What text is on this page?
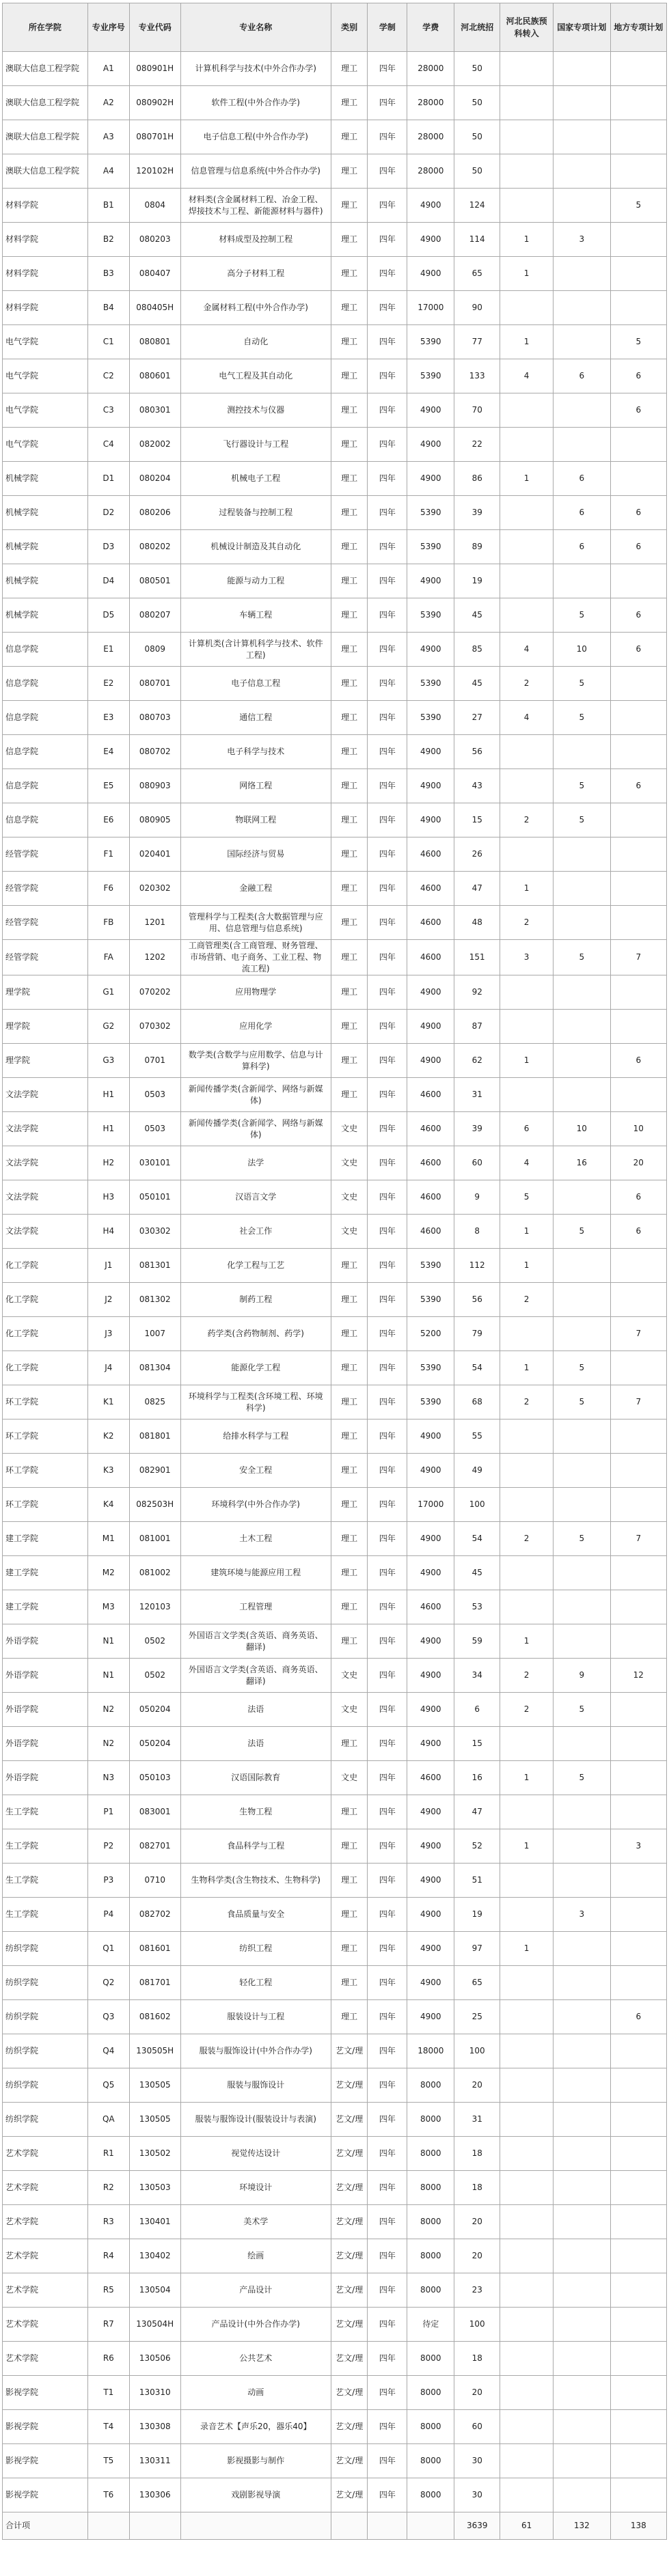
所在学院	专业序号	专业代码	专业名称	类别	学制	学费	河北统招	河北民族预科转入	国家专项计划	地方专项计划
澳联大信息工程学院	A1	080901H	计算机科学与技术(中外合作办学)	理工	四年	28000	50			
澳联大信息工程学院	A2	080902H	软件工程(中外合作办学)	理工	四年	28000	50			
澳联大信息工程学院	A3	080701H	电子信息工程(中外合作办学)	理工	四年	28000	50			
澳联大信息工程学院	A4	120102H	信息管理与信息系统(中外合作办学)	理工	四年	28000	50			
材料学院	B1	0804	材料类(含金属材料工程、冶金工程、焊接技术与工程、新能源材料与器件)	理工	四年	4900	124			5
材料学院	B2	080203	材料成型及控制工程	理工	四年	4900	114	1	3	
材料学院	B3	080407	高分子材料工程	理工	四年	4900	65	1		
材料学院	B4	080405H	金属材料工程(中外合作办学)	理工	四年	17000	90			
电气学院	C1	080801	自动化	理工	四年	5390	77	1		5
电气学院	C2	080601	电气工程及其自动化	理工	四年	5390	133	4	6	6
电气学院	C3	080301	测控技术与仪器	理工	四年	4900	70			6
电气学院	C4	082002	飞行器设计与工程	理工	四年	4900	22			
机械学院	D1	080204	机械电子工程	理工	四年	4900	86	1	6	
机械学院	D2	080206	过程装备与控制工程	理工	四年	5390	39		6	6
机械学院	D3	080202	机械设计制造及其自动化	理工	四年	5390	89		6	6
机械学院	D4	080501	能源与动力工程	理工	四年	4900	19			
机械学院	D5	080207	车辆工程	理工	四年	5390	45		5	6
信息学院	E1	0809	计算机类(含计算机科学与技术、软件工程)	理工	四年	4900	85	4	10	6
信息学院	E2	080701	电子信息工程	理工	四年	5390	45	2	5	
信息学院	E3	080703	通信工程	理工	四年	5390	27	4	5	
信息学院	E4	080702	电子科学与技术	理工	四年	4900	56			
信息学院	E5	080903	网络工程	理工	四年	4900	43		5	6
信息学院	E6	080905	物联网工程	理工	四年	4900	15	2	5	
经管学院	F1	020401	国际经济与贸易	理工	四年	4600	26			
经管学院	F6	020302	金融工程	理工	四年	4600	47	1		
经管学院	FB	1201	管理科学与工程类(含大数据管理与应用、信息管理与信息系统)	理工	四年	4600	48	2		
经管学院	FA	1202	工商管理类(含工商管理、财务管理、市场营销、电子商务、工业工程、物流工程)	理工	四年	4600	151	3	5	7
理学院	G1	070202	应用物理学	理工	四年	4900	92			
理学院	G2	070302	应用化学	理工	四年	4900	87			
理学院	G3	0701	数学类(含数学与应用数学、信息与计算科学)	理工	四年	4900	62	1		6
文法学院	H1	0503	新闻传播学类(含新闻学、网络与新媒体)	理工	四年	4600	31			
文法学院	H1	0503	新闻传播学类(含新闻学、网络与新媒体)	文史	四年	4600	39	6	10	10
文法学院	H2	030101	法学	文史	四年	4600	60	4	16	20
文法学院	H3	050101	汉语言文学	文史	四年	4600	9	5		6
文法学院	H4	030302	社会工作	文史	四年	4600	8	1	5	6
化工学院	J1	081301	化学工程与工艺	理工	四年	5390	112	1		
化工学院	J2	081302	制药工程	理工	四年	5390	56	2		
化工学院	J3	1007	药学类(含药物制剂、药学)	理工	四年	5200	79			7
化工学院	J4	081304	能源化学工程	理工	四年	5390	54	1	5	
环工学院	K1	0825	环境科学与工程类(含环境工程、环境科学)	理工	四年	5390	68	2	5	7
环工学院	K2	081801	给排水科学与工程	理工	四年	4900	55			
环工学院	K3	082901	安全工程	理工	四年	4900	49			
环工学院	K4	082503H	环境科学(中外合作办学)	理工	四年	17000	100			
建工学院	M1	081001	土木工程	理工	四年	4900	54	2	5	7
建工学院	M2	081002	建筑环境与能源应用工程	理工	四年	4900	45			
建工学院	M3	120103	工程管理	理工	四年	4600	53			
外语学院	N1	0502	外国语言文学类(含英语、商务英语、翻译)	理工	四年	4900	59	1		
外语学院	N1	0502	外国语言文学类(含英语、商务英语、翻译)	文史	四年	4900	34	2	9	12
外语学院	N2	050204	法语	文史	四年	4900	6	2	5	
外语学院	N2	050204	法语	理工	四年	4900	15			
外语学院	N3	050103	汉语国际教育	文史	四年	4600	16	1	5	
生工学院	P1	083001	生物工程	理工	四年	4900	47			
生工学院	P2	082701	食品科学与工程	理工	四年	4900	52	1		3
生工学院	P3	0710	生物科学类(含生物技术、生物科学)	理工	四年	4900	51			
生工学院	P4	082702	食品质量与安全	理工	四年	4900	19		3	
纺织学院	Q1	081601	纺织工程	理工	四年	4900	97	1		
纺织学院	Q2	081701	轻化工程	理工	四年	4900	65			
纺织学院	Q3	081602	服装设计与工程	理工	四年	4900	25			6
纺织学院	Q4	130505H	服装与服饰设计(中外合作办学)	艺文/理	四年	18000	100			
纺织学院	Q5	130505	服装与服饰设计	艺文/理	四年	8000	20			
纺织学院	QA	130505	服装与服饰设计(服装设计与表演)	艺文/理	四年	8000	31			
艺术学院	R1	130502	视觉传达设计	艺文/理	四年	8000	18			
艺术学院	R2	130503	环境设计	艺文/理	四年	8000	18			
艺术学院	R3	130401	美术学	艺文/理	四年	8000	20			
艺术学院	R4	130402	绘画	艺文/理	四年	8000	20			
艺术学院	R5	130504	产品设计	艺文/理	四年	8000	23			
艺术学院	R7	130504H	产品设计(中外合作办学)	艺文/理	四年	待定	100			
艺术学院	R6	130506	公共艺术	艺文/理	四年	8000	18			
影视学院	T1	130310	动画	艺文/理	四年	8000	20			
影视学院	T4	130308	录音艺术【声乐20，器乐40】	艺文/理	四年	8000	60			
影视学院	T5	130311	影视摄影与制作	艺文/理	四年	8000	30			
影视学院	T6	130306	戏剧影视导演	艺文/理	四年	8000	30			
合计项							3639	61	132	138
